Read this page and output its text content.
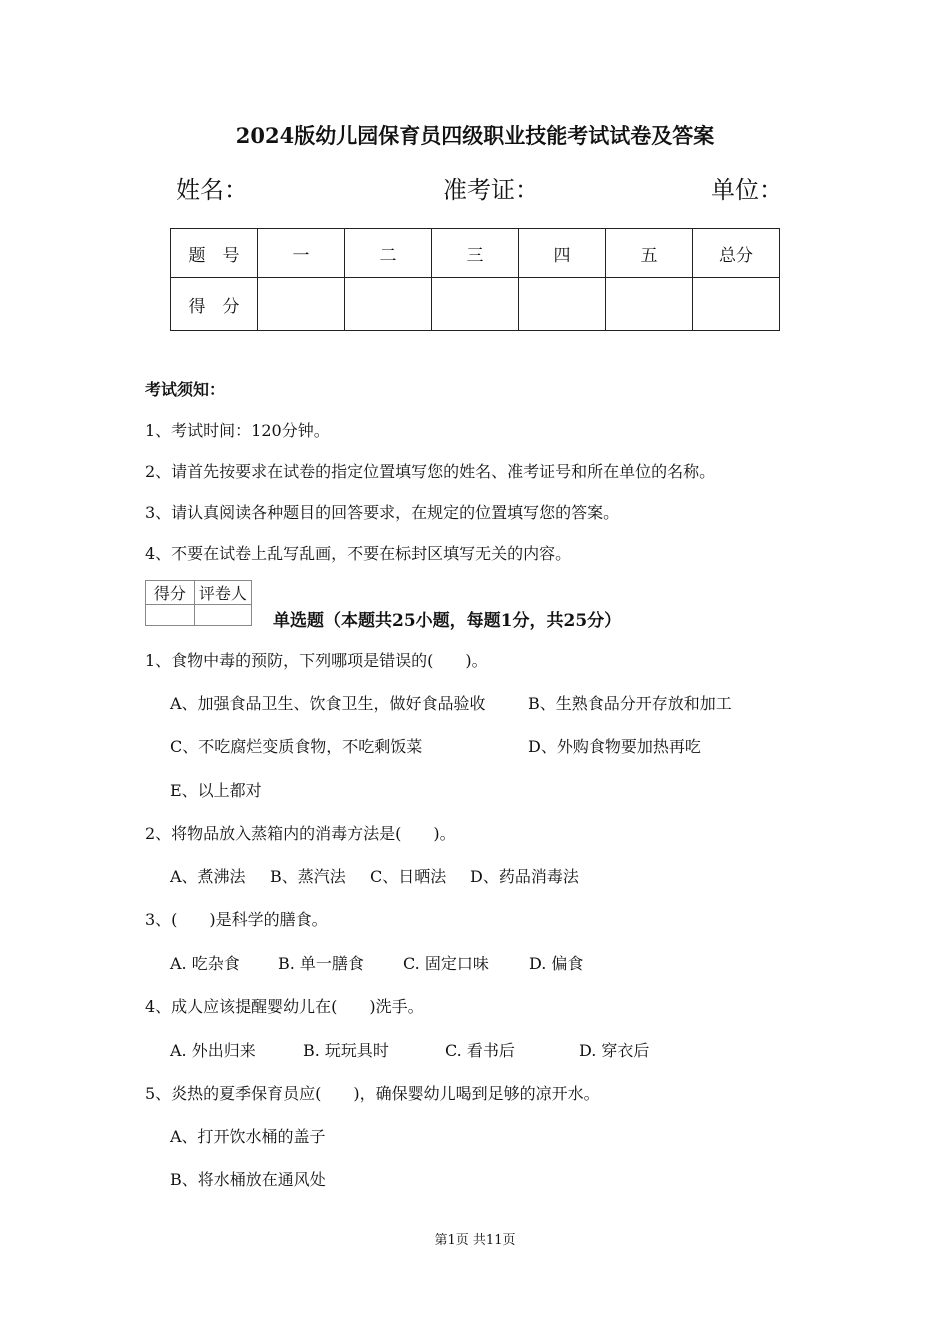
2024版幼儿园保育员四级职业技能考试试卷及答案
姓名：	准考证：	单位：
题　号	一	二	三	四	五	总分
得　分						
考试须知：
1、考试时间：120分钟。
2、请首先按要求在试卷的指定位置填写您的姓名、准考证号和所在单位的名称。
3、请认真阅读各种题目的回答要求，在规定的位置填写您的答案。
4、不要在试卷上乱写乱画，不要在标封区填写无关的内容。
得分	评卷人

单选题（本题共25小题，每题1分，共25分）
1、食物中毒的预防，下列哪项是错误的(　　)。
A、加强食品卫生、饮食卫生，做好食品验收	B、生熟食品分开存放和加工
C、不吃腐烂变质食物，不吃剩饭菜	D、外购食物要加热再吃
E、以上都对
2、将物品放入蒸箱内的消毒方法是(　　)。
A、煮沸法 B、蒸汽法 C、日晒法 D、药品消毒法
3、(　　)是科学的膳食。
A. 吃杂食 B. 单一膳食 C. 固定口味	D. 偏食
4、成人应该提醒婴幼儿在(　　)洗手。
A. 外出归来	B. 玩玩具时	C. 看书后	D. 穿衣后
5、炎热的夏季保育员应(　　)，确保婴幼儿喝到足够的凉开水。
A、打开饮水桶的盖子
B、将水桶放在通风处
第1页 共11页
